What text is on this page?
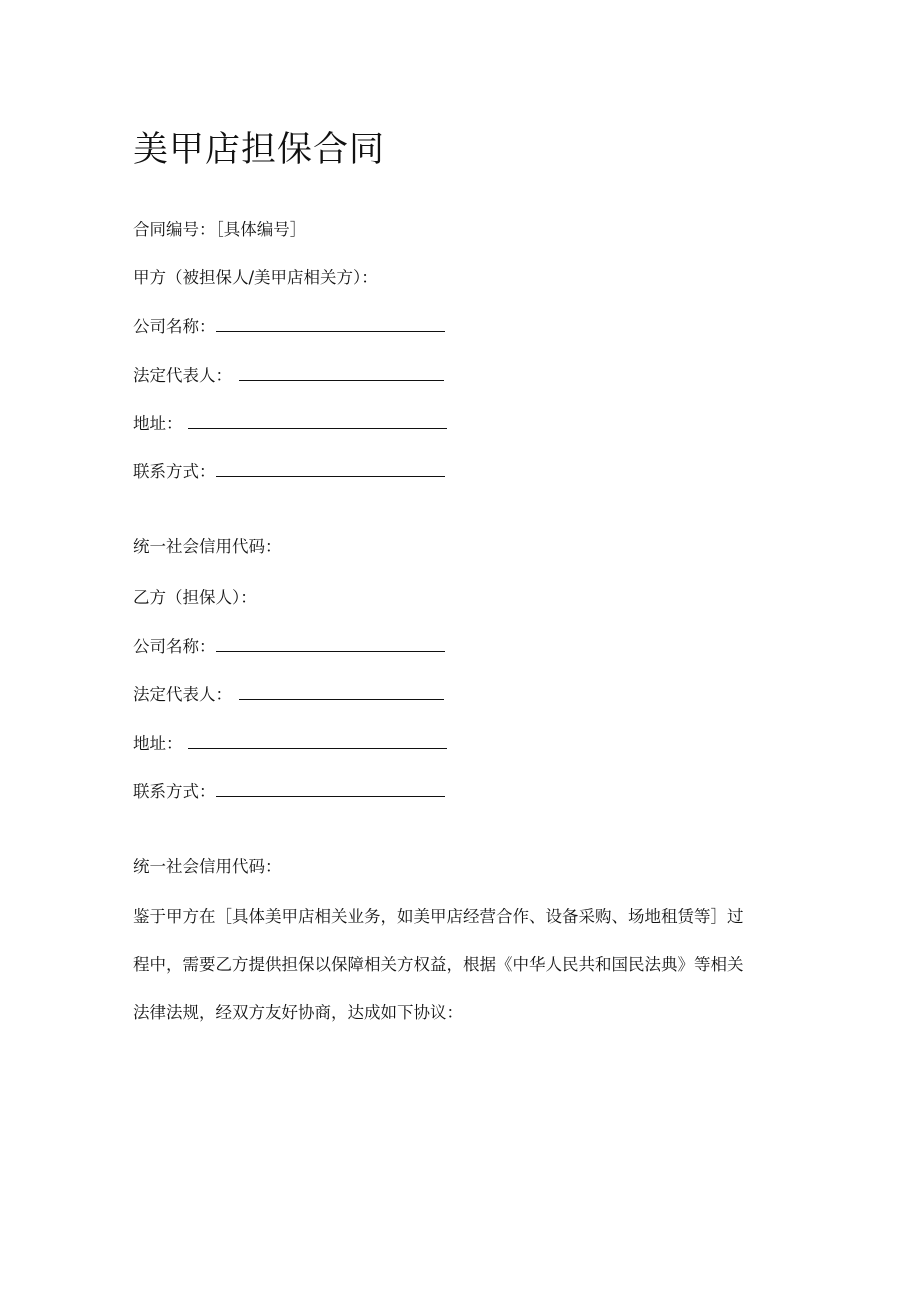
美甲店担保合同
合同编号：［具体编号］
甲方（被担保人/美甲店相关方）：
公司名称：
法定代表人：
地址：
联系方式：
统一社会信用代码：
乙方（担保人）：
公司名称：
法定代表人：
地址：
联系方式：
统一社会信用代码：
鉴于甲方在［具体美甲店相关业务，如美甲店经营合作、设备采购、场地租赁等］过
程中，需要乙方提供担保以保障相关方权益，根据《中华人民共和国民法典》等相关
法律法规，经双方友好协商，达成如下协议：
